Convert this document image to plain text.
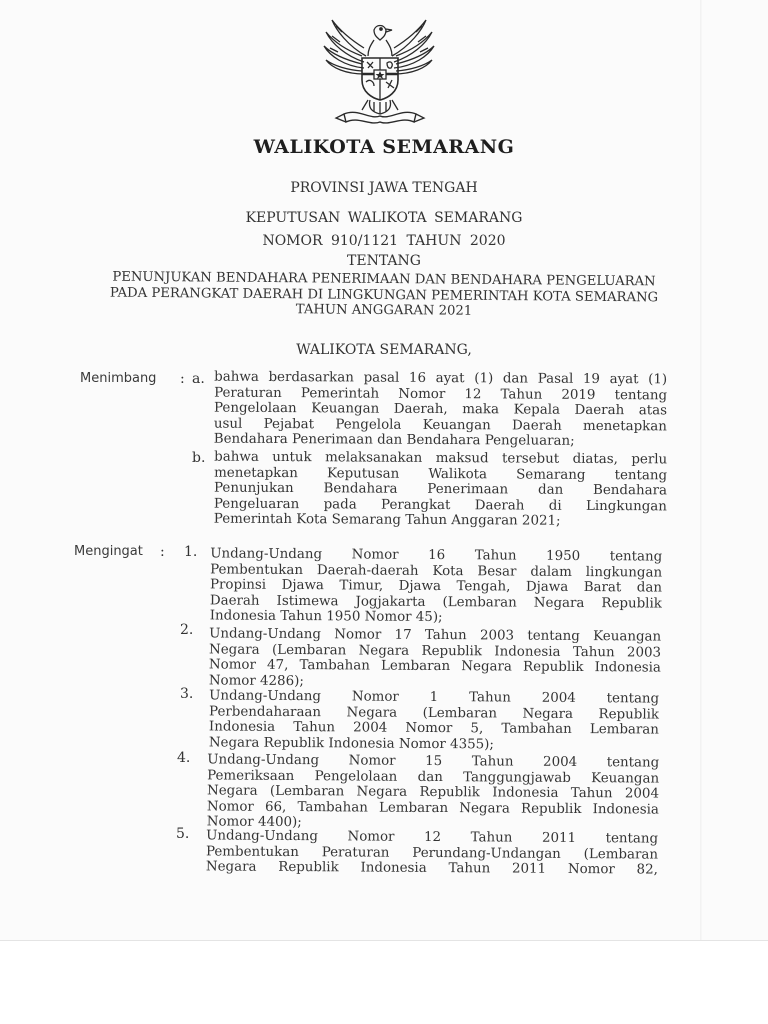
WALIKOTA SEMARANG
PROVINSI JAWA TENGAH
KEPUTUSAN WALIKOTA SEMARANG
NOMOR 910/1121 TAHUN 2020
TENTANG
PENUNJUKAN BENDAHARA PENERIMAAN DAN BENDAHARA PENGELUARAN
PADA PERANGKAT DAERAH DI LINGKUNGAN PEMERINTAH KOTA SEMARANG
TAHUN ANGGARAN 2021
WALIKOTA SEMARANG,
Menimbang : a. bahwa berdasarkan pasal 16 ayat (1) dan Pasal 19 ayat (1)
Peraturan Pemerintah Nomor 12 Tahun 2019 tentang
Pengelolaan Keuangan Daerah, maka Kepala Daerah atas
usul Pejabat Pengelola Keuangan Daerah menetapkan
Bendahara Penerimaan dan Bendahara Pengeluaran;
b. bahwa untuk melaksanakan maksud tersebut diatas, perlu
menetapkan Keputusan Walikota Semarang tentang
Penunjukan Bendahara Penerimaan dan Bendahara
Pengeluaran pada Perangkat Daerah di Lingkungan
Pemerintah Kota Semarang Tahun Anggaran 2021;
Mengingat : 1. Undang-Undang Nomor 16 Tahun 1950 tentang
Pembentukan Daerah-daerah Kota Besar dalam lingkungan
Propinsi Djawa Timur, Djawa Tengah, Djawa Barat dan
Daerah Istimewa Jogjakarta (Lembaran Negara Republik
Indonesia Tahun 1950 Nomor 45);
2. Undang-Undang Nomor 17 Tahun 2003 tentang Keuangan
Negara (Lembaran Negara Republik Indonesia Tahun 2003
Nomor 47, Tambahan Lembaran Negara Republik Indonesia
Nomor 4286);
3. Undang-Undang Nomor 1 Tahun 2004 tentang
Perbendaharaan Negara (Lembaran Negara Republik
Indonesia Tahun 2004 Nomor 5, Tambahan Lembaran
Negara Republik Indonesia Nomor 4355);
4. Undang-Undang Nomor 15 Tahun 2004 tentang
Pemeriksaan Pengelolaan dan Tanggungjawab Keuangan
Negara (Lembaran Negara Republik Indonesia Tahun 2004
Nomor 66, Tambahan Lembaran Negara Republik Indonesia
Nomor 4400);
5. Undang-Undang Nomor 12 Tahun 2011 tentang
Pembentukan Peraturan Perundang-Undangan (Lembaran
Negara Republik Indonesia Tahun 2011 Nomor 82,
